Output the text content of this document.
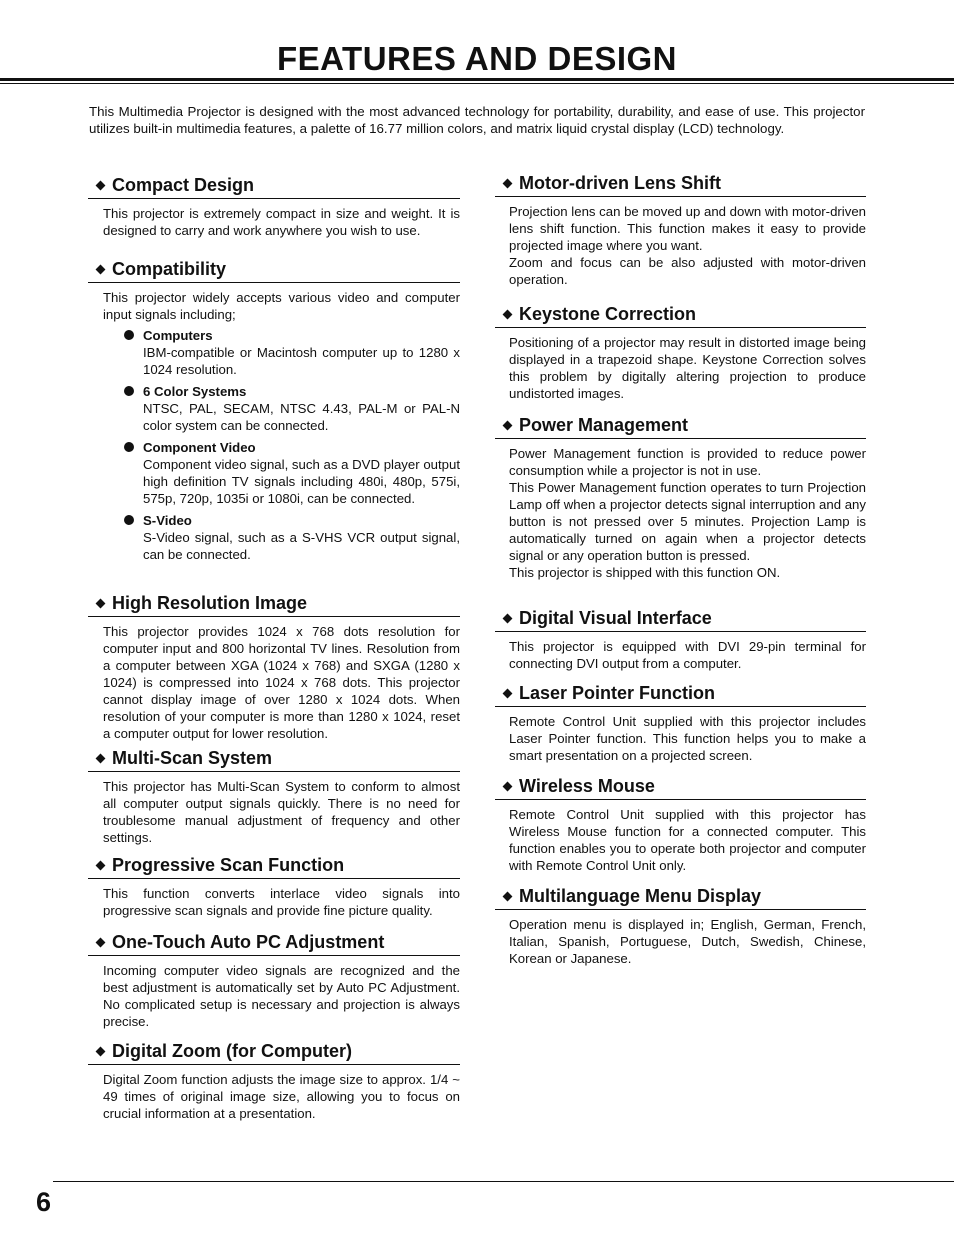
FEATURES AND DESIGN

This Multimedia Projector is designed with the most advanced technology for portability, durability, and ease of use. This projector utilizes built-in multimedia features, a palette of 16.77 million colors, and matrix liquid crystal display (LCD) technology.

Compact Design

This projector is extremely compact in size and weight. It is designed to carry and work anywhere you wish to use.

Compatibility

This projector widely accepts various video and computer input signals including;

Computers
IBM-compatible or Macintosh computer up to 1280 x 1024 resolution.
6 Color Systems
NTSC, PAL, SECAM, NTSC 4.43, PAL-M or PAL-N color system can be connected.
Component Video
Component video signal, such as a DVD player output high definition TV signals including 480i, 480p, 575i, 575p, 720p, 1035i or 1080i, can be connected.
S-Video
S-Video signal, such as a S-VHS VCR output signal, can be connected.
High Resolution Image

This projector provides 1024 x 768 dots resolution for computer input and 800 horizontal TV lines. Resolution from a computer between XGA (1024 x 768) and SXGA (1280 x 1024) is compressed into 1024 x 768 dots. This projector cannot display image of over 1280 x 1024 dots. When resolution of your computer is more than 1280 x 1024, reset a computer output for lower resolution.

Multi-Scan System

This projector has Multi-Scan System to conform to almost all computer output signals quickly. There is no need for troublesome manual adjustment of frequency and other settings.

Progressive Scan Function

This function converts interlace video signals into progressive scan signals and provide fine picture quality.

One-Touch Auto PC Adjustment

Incoming computer video signals are recognized and the best adjustment is automatically set by Auto PC Adjustment. No complicated setup is necessary and projection is always precise.

Digital Zoom (for Computer)

Digital Zoom function adjusts the image size to approx. 1/4 ~ 49 times of original image size, allowing you to focus on crucial information at a presentation.

Motor-driven Lens Shift

Projection lens can be moved up and down with motor-driven lens shift function. This function makes it easy to provide projected image where you want.
Zoom and focus can be also adjusted with motor-driven operation.

Keystone Correction

Positioning of a projector may result in distorted image being displayed in a trapezoid shape. Keystone Correction solves this problem by digitally altering projection to produce undistorted images.

Power Management

Power Management function is provided to reduce power consumption while a projector is not in use.
This Power Management function operates to turn Projection Lamp off when a projector detects signal interruption and any button is not pressed over 5 minutes. Projection Lamp is automatically turned on again when a projector detects signal or any operation button is pressed.
This projector is shipped with this function ON.

Digital Visual Interface

This projector is equipped with DVI 29-pin terminal for connecting DVI output from a computer.

Laser Pointer Function

Remote Control Unit supplied with this projector includes Laser Pointer function. This function helps you to make a smart presentation on a projected screen.

Wireless Mouse

Remote Control Unit supplied with this projector has Wireless Mouse function for a connected computer. This function enables you to operate both projector and computer with Remote Control Unit only.

Multilanguage Menu Display

Operation menu is displayed in; English, German, French, Italian, Spanish, Portuguese, Dutch, Swedish, Chinese, Korean or Japanese.

6
